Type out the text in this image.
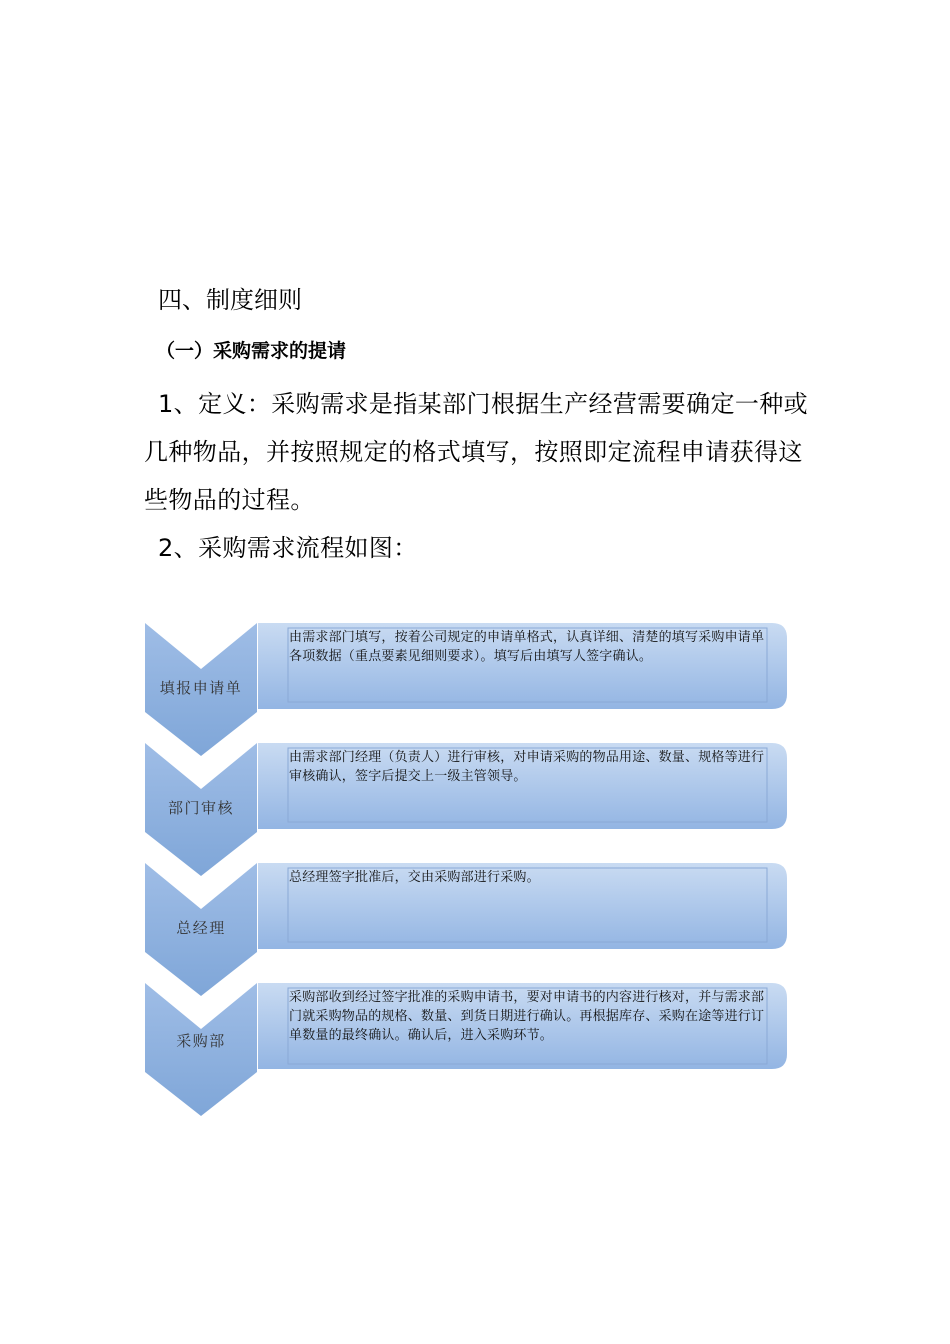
四、制度细则
（一）采购需求的提请
1、定义：采购需求是指某部门根据生产经营需要确定一种或几种物品，并按照规定的格式填写，按照即定流程申请获得这些物品的过程。
2、采购需求流程如图：
由需求部门填写，按着公司规定的申请单格式，认真详细、清楚的填写采购申请单各项数据（重点要素见细则要求）。填写后由填写人签字确认。
填报申请单
由需求部门经理（负责人）进行审核，对申请采购的物品用途、数量、规格等进行审核确认，签字后提交上一级主管领导。
部门审核
总经理签字批准后，交由采购部进行采购。
总经理
采购部收到经过签字批准的采购申请书，要对申请书的内容进行核对，并与需求部门就采购物品的规格、数量、到货日期进行确认。再根据库存、采购在途等进行订单数量的最终确认。确认后，进入采购环节。
采购部
